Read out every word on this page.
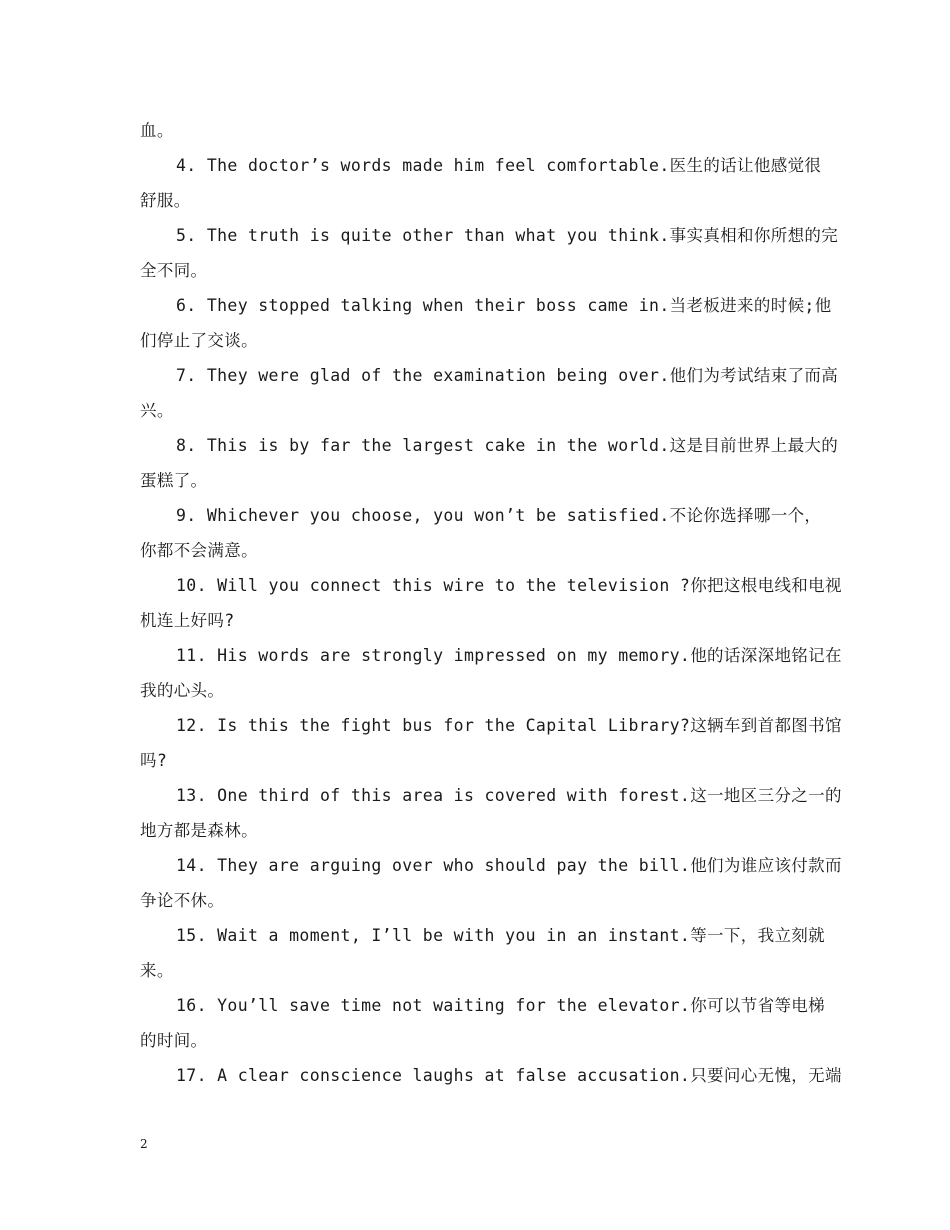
血。
4. The doctor’s words made him feel comfortable.医生的话让他感觉很
舒服。
5. The truth is quite other than what you think.事实真相和你所想的完
全不同。
6. They stopped talking when their boss came in.当老板进来的时候;他
们停止了交谈。
7. They were glad of the examination being over.他们为考试结束了而高
兴。
8. This is by far the largest cake in the world.这是目前世界上最大的
蛋糕了。
9. Whichever you choose, you won’t be satisfied.不论你选择哪一个，
你都不会满意。
10. Will you connect this wire to the television ?你把这根电线和电视
机连上好吗?
11. His words are strongly impressed on my memory.他的话深深地铭记在
我的心头。
12. Is this the fight bus for the Capital Library?这辆车到首都图书馆
吗?
13. One third of this area is covered with forest.这一地区三分之一的
地方都是森林。
14. They are arguing over who should pay the bill.他们为谁应该付款而
争论不休。
15. Wait a moment, I’ll be with you in an instant.等一下，我立刻就
来。
16. You’ll save time not waiting for the elevator.你可以节省等电梯
的时间。
17. A clear conscience laughs at false accusation.只要问心无愧，无端
2
